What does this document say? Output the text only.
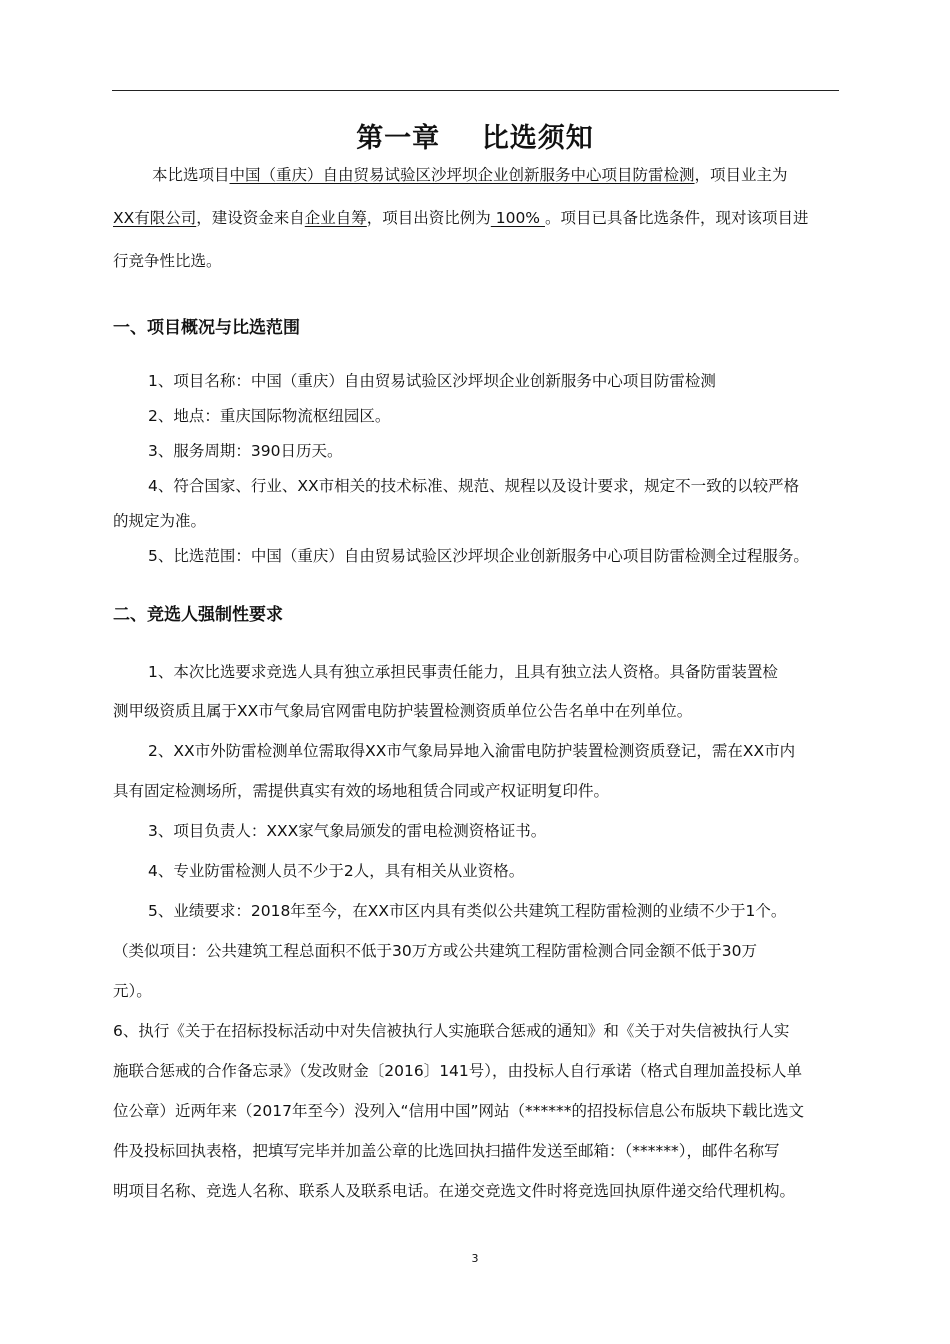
第一章    比选须知
本比选项目中国（重庆）自由贸易试验区沙坪坝企业创新服务中心项目防雷检测，项目业主为
XX有限公司，建设资金来自企业自筹，项目出资比例为 100% 。项目已具备比选条件，现对该项目进
行竞争性比选。
一、项目概况与比选范围
1、项目名称：中国（重庆）自由贸易试验区沙坪坝企业创新服务中心项目防雷检测
2、地点：重庆国际物流枢纽园区。
3、服务周期：390日历天。
4、符合国家、行业、XX市相关的技术标准、规范、规程以及设计要求，规定不一致的以较严格
的规定为准。
5、比选范围：中国（重庆）自由贸易试验区沙坪坝企业创新服务中心项目防雷检测全过程服务。
二、竞选人强制性要求
1、本次比选要求竞选人具有独立承担民事责任能力，且具有独立法人资格。具备防雷装置检
测甲级资质且属于XX市气象局官网雷电防护装置检测资质单位公告名单中在列单位。
2、XX市外防雷检测单位需取得XX市气象局异地入渝雷电防护装置检测资质登记，需在XX市内
具有固定检测场所，需提供真实有效的场地租赁合同或产权证明复印件。
3、项目负责人：XXX家气象局颁发的雷电检测资格证书。
4、专业防雷检测人员不少于2人，具有相关从业资格。
5、业绩要求：2018年至今，在XX市区内具有类似公共建筑工程防雷检测的业绩不少于1个。
（类似项目：公共建筑工程总面积不低于30万方或公共建筑工程防雷检测合同金额不低于30万
元）。
6、执行《关于在招标投标活动中对失信被执行人实施联合惩戒的通知》和《关于对失信被执行人实
施联合惩戒的合作备忘录》（发改财金〔2016〕141号），由投标人自行承诺（格式自理加盖投标人单
位公章）近两年来（2017年至今）没列入“信用中国”网站（******的招投标信息公布版块下载比选文
件及投标回执表格，把填写完毕并加盖公章的比选回执扫描件发送至邮箱：（******），邮件名称写
明项目名称、竞选人名称、联系人及联系电话。在递交竞选文件时将竞选回执原件递交给代理机构。
3
